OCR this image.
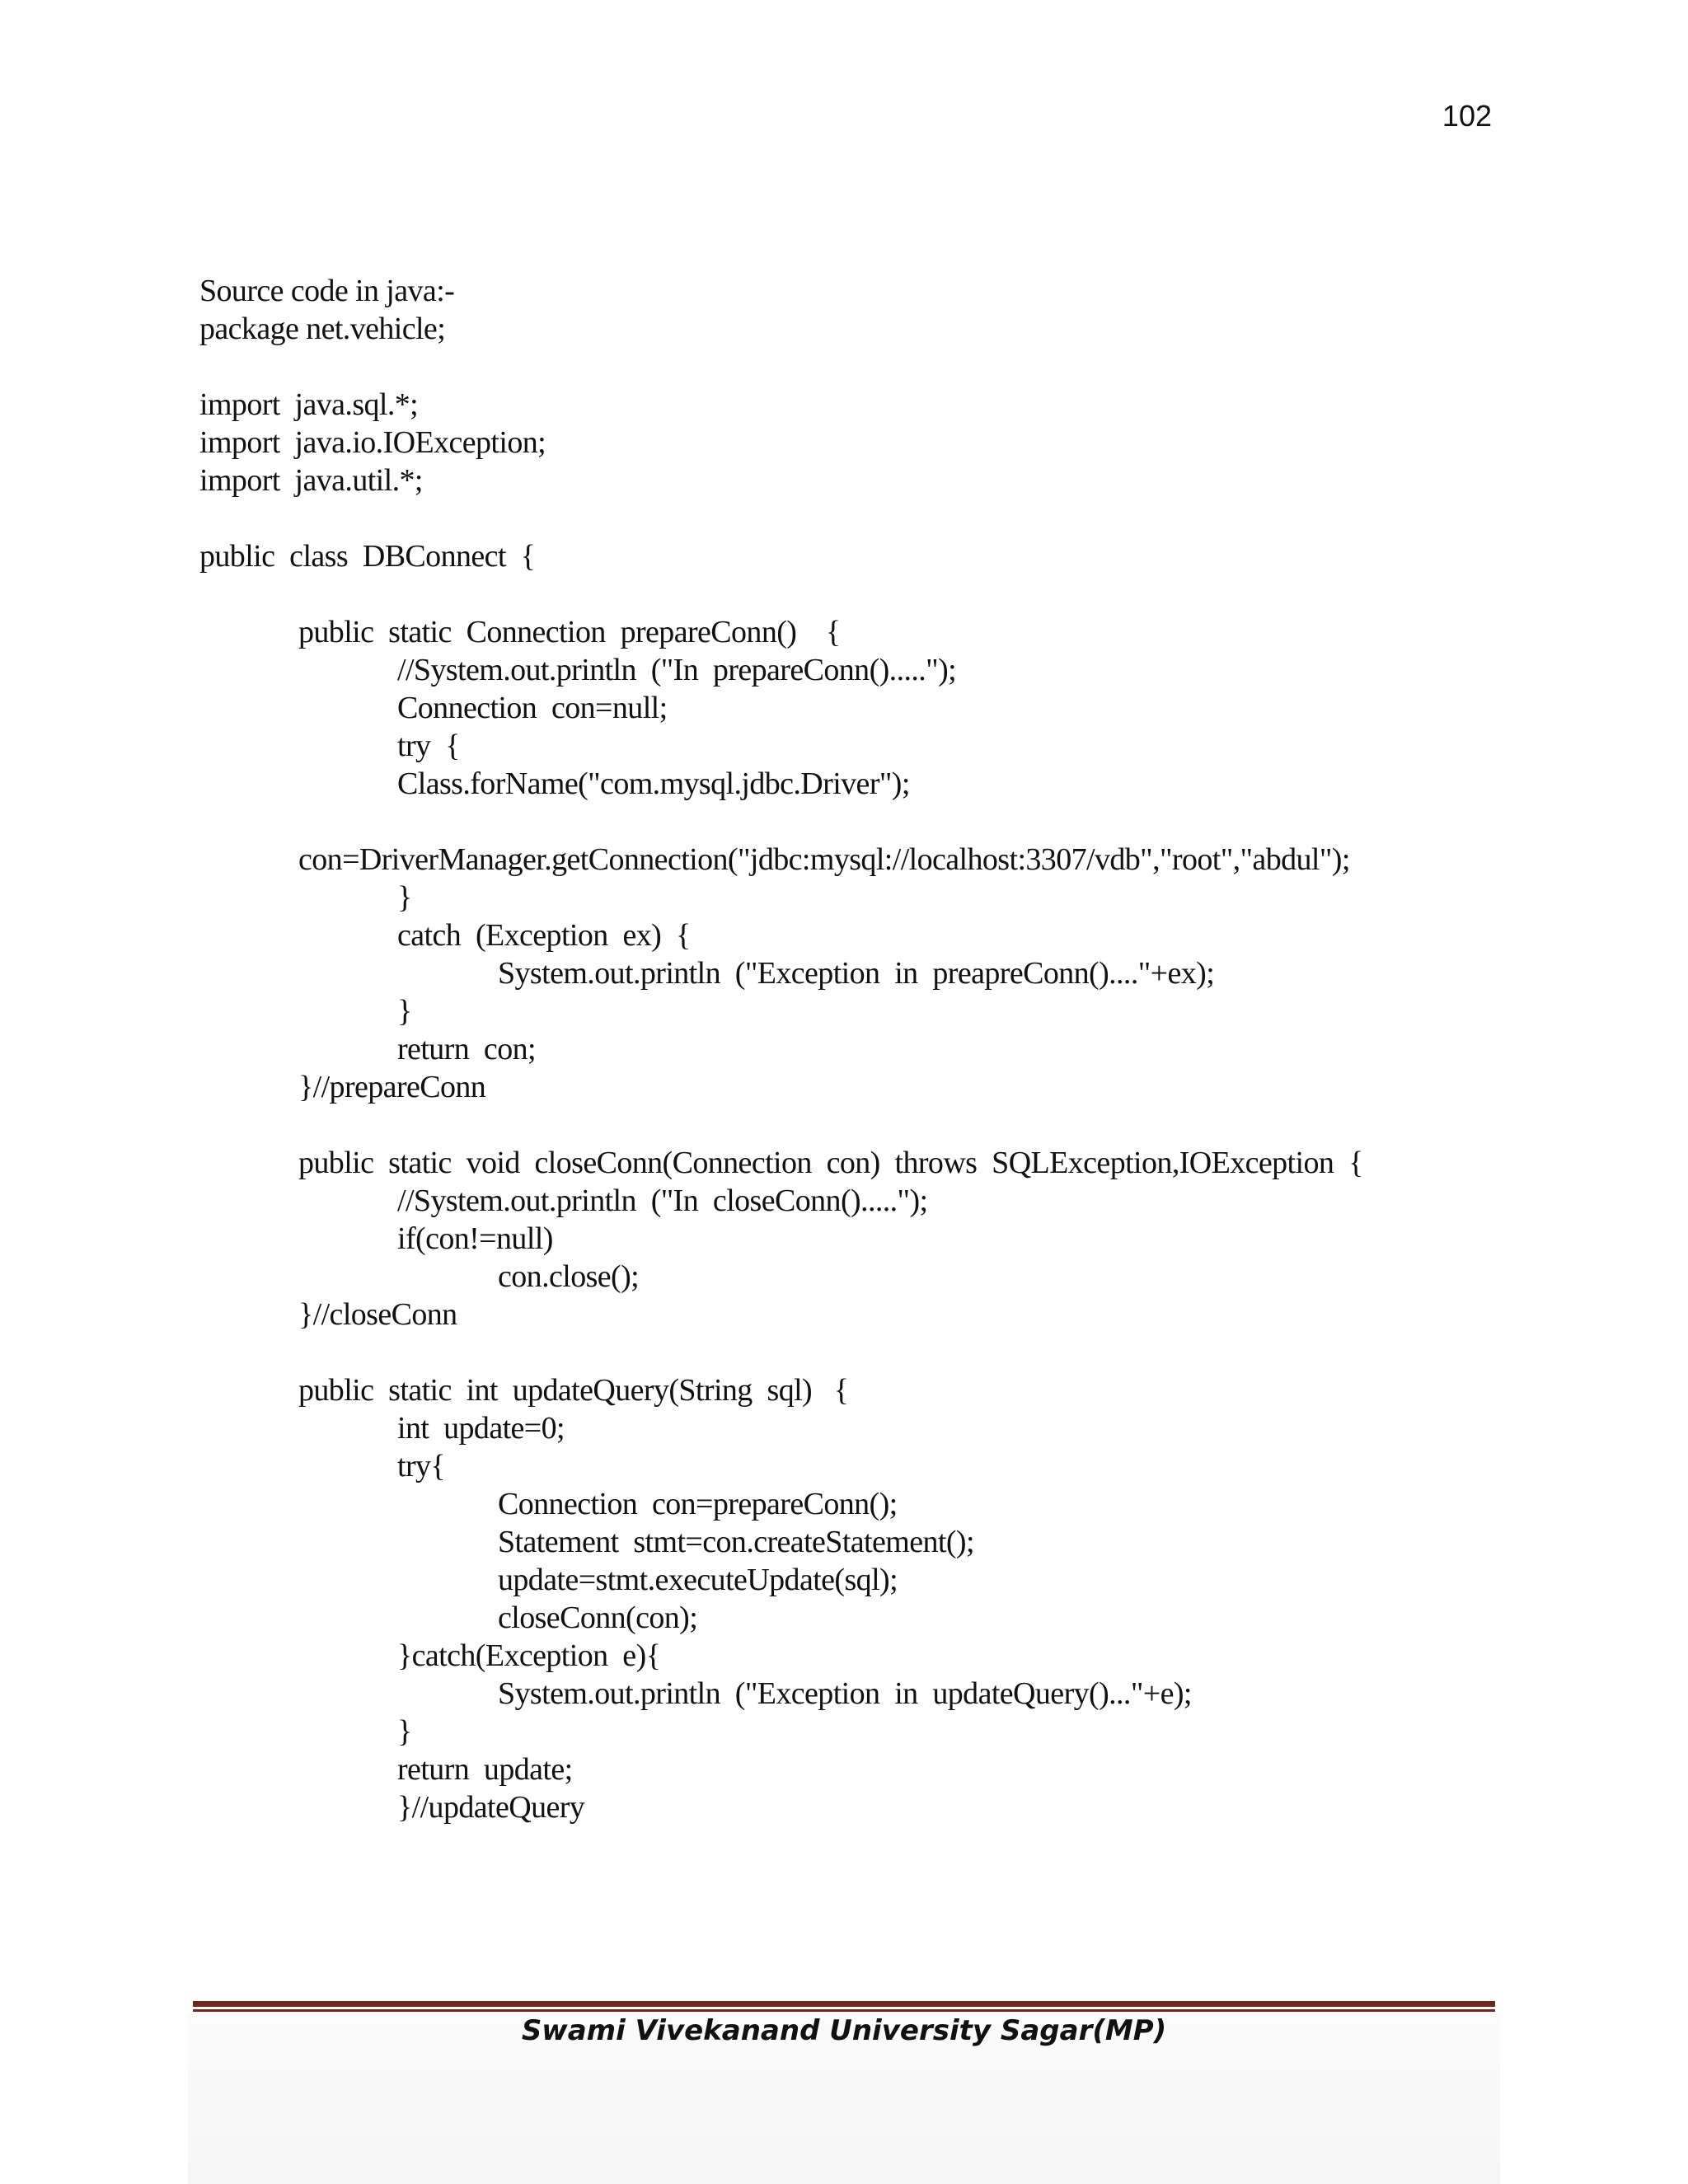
102
Source code in java:-
package net.vehicle;
import  java.sql.*;
import  java.io.IOException;
import  java.util.*;
public  class  DBConnect  {
public  static  Connection  prepareConn()    {
//System.out.println  ("In  prepareConn().....");
Connection  con=null;
try  {
Class.forName("com.mysql.jdbc.Driver");
con=DriverManager.getConnection("jdbc:mysql://localhost:3307/vdb","root","abdul");
}
catch  (Exception  ex)  {
System.out.println  ("Exception  in  preapreConn()...."+ex);
}
return  con;
}//prepareConn
public  static  void  closeConn(Connection  con)  throws  SQLException,IOException  {
//System.out.println  ("In  closeConn().....");
if(con!=null)
con.close();
}//closeConn
public  static  int  updateQuery(String  sql)   {
int  update=0;
try{
Connection  con=prepareConn();
Statement  stmt=con.createStatement();
update=stmt.executeUpdate(sql);
closeConn(con);
}catch(Exception  e){
System.out.println  ("Exception  in  updateQuery()..."+e);
}
return  update;
}//updateQuery
Swami Vivekanand University Sagar(MP)
